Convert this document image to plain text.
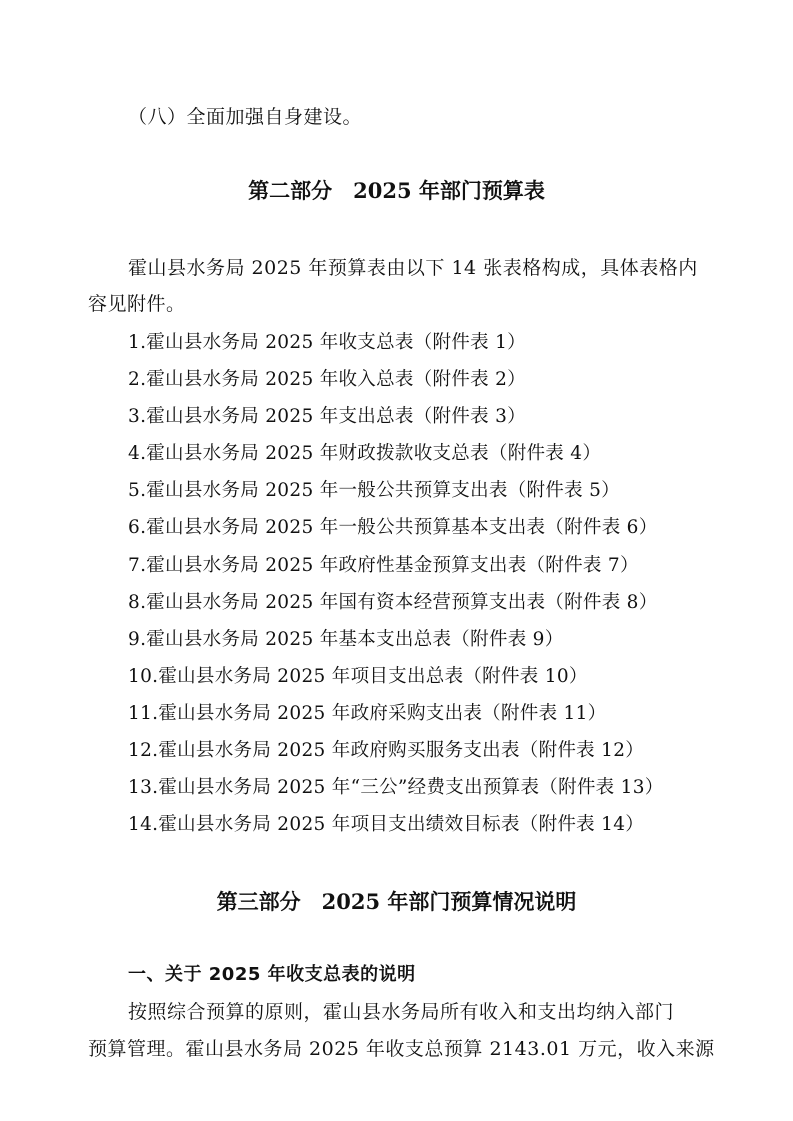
（八）全面加强自身建设。
第二部分　2025 年部门预算表
霍山县水务局 2025 年预算表由以下 14 张表格构成，具体表格内
容见附件。
1.霍山县水务局 2025 年收支总表（附件表 1）
2.霍山县水务局 2025 年收入总表（附件表 2）
3.霍山县水务局 2025 年支出总表（附件表 3）
4.霍山县水务局 2025 年财政拨款收支总表（附件表 4）
5.霍山县水务局 2025 年一般公共预算支出表（附件表 5）
6.霍山县水务局 2025 年一般公共预算基本支出表（附件表 6）
7.霍山县水务局 2025 年政府性基金预算支出表（附件表 7）
8.霍山县水务局 2025 年国有资本经营预算支出表（附件表 8）
9.霍山县水务局 2025 年基本支出总表（附件表 9）
10.霍山县水务局 2025 年项目支出总表（附件表 10）
11.霍山县水务局 2025 年政府采购支出表（附件表 11）
12.霍山县水务局 2025 年政府购买服务支出表（附件表 12）
13.霍山县水务局 2025 年“三公”经费支出预算表（附件表 13）
14.霍山县水务局 2025 年项目支出绩效目标表（附件表 14）
第三部分　2025 年部门预算情况说明
一、关于 2025 年收支总表的说明
按照综合预算的原则，霍山县水务局所有收入和支出均纳入部门
预算管理。霍山县水务局 2025 年收支总预算 2143.01 万元，收入来源
